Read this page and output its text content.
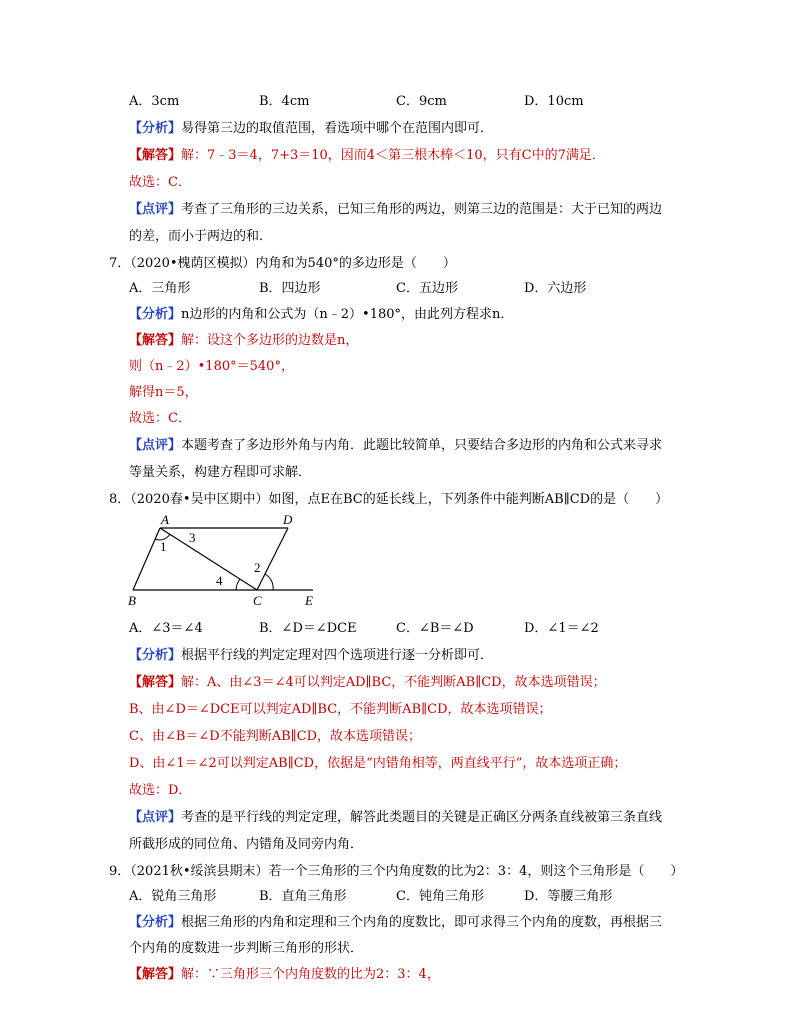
A．3cm	B．4cm	C．9cm	D．10cm
【分析】易得第三边的取值范围，看选项中哪个在范围内即可．
【解答】解：7﹣3＝4，7+3＝10，因而4＜第三根木棒＜10，只有C中的7满足．
故选：C．
【点评】考查了三角形的三边关系，已知三角形的两边，则第三边的范围是：大于已知的两边
的差，而小于两边的和．
7．（2020•槐荫区模拟）内角和为540°的多边形是（　　）
A．三角形	B．四边形	C．五边形	D．六边形
【分析】n边形的内角和公式为（n﹣2）•180°，由此列方程求n．
【解答】解：设这个多边形的边数是n，
则（n﹣2）•180°＝540°，
解得n＝5，
故选：C．
【点评】本题考查了多边形外角与内角．此题比较简单，只要结合多边形的内角和公式来寻求
等量关系，构建方程即可求解．
8．（2020春•吴中区期中）如图，点E在BC的延长线上，下列条件中能判断AB∥CD的是（　　）
A	D
B	C	E
1
3
4
2
A．∠3＝∠4	B．∠D＝∠DCE	C．∠B＝∠D	D．∠1＝∠2
【分析】根据平行线的判定定理对四个选项进行逐一分析即可．
【解答】解：A、由∠3＝∠4可以判定AD∥BC，不能判断AB∥CD，故本选项错误；
B、由∠D＝∠DCE可以判定AD∥BC，不能判断AB∥CD，故本选项错误；
C、由∠B＝∠D不能判断AB∥CD，故本选项错误；
D、由∠1＝∠2可以判定AB∥CD，依据是“内错角相等，两直线平行”，故本选项正确；
故选：D．
【点评】考查的是平行线的判定定理，解答此类题目的关键是正确区分两条直线被第三条直线
所截形成的同位角、内错角及同旁内角．
9．（2021秋•绥滨县期末）若一个三角形的三个内角度数的比为2：3：4，则这个三角形是（　　）
A．锐角三角形	B．直角三角形	C．钝角三角形	D．等腰三角形
【分析】根据三角形的内角和定理和三个内角的度数比，即可求得三个内角的度数，再根据三
个内角的度数进一步判断三角形的形状．
【解答】解：∵三角形三个内角度数的比为2：3：4，
